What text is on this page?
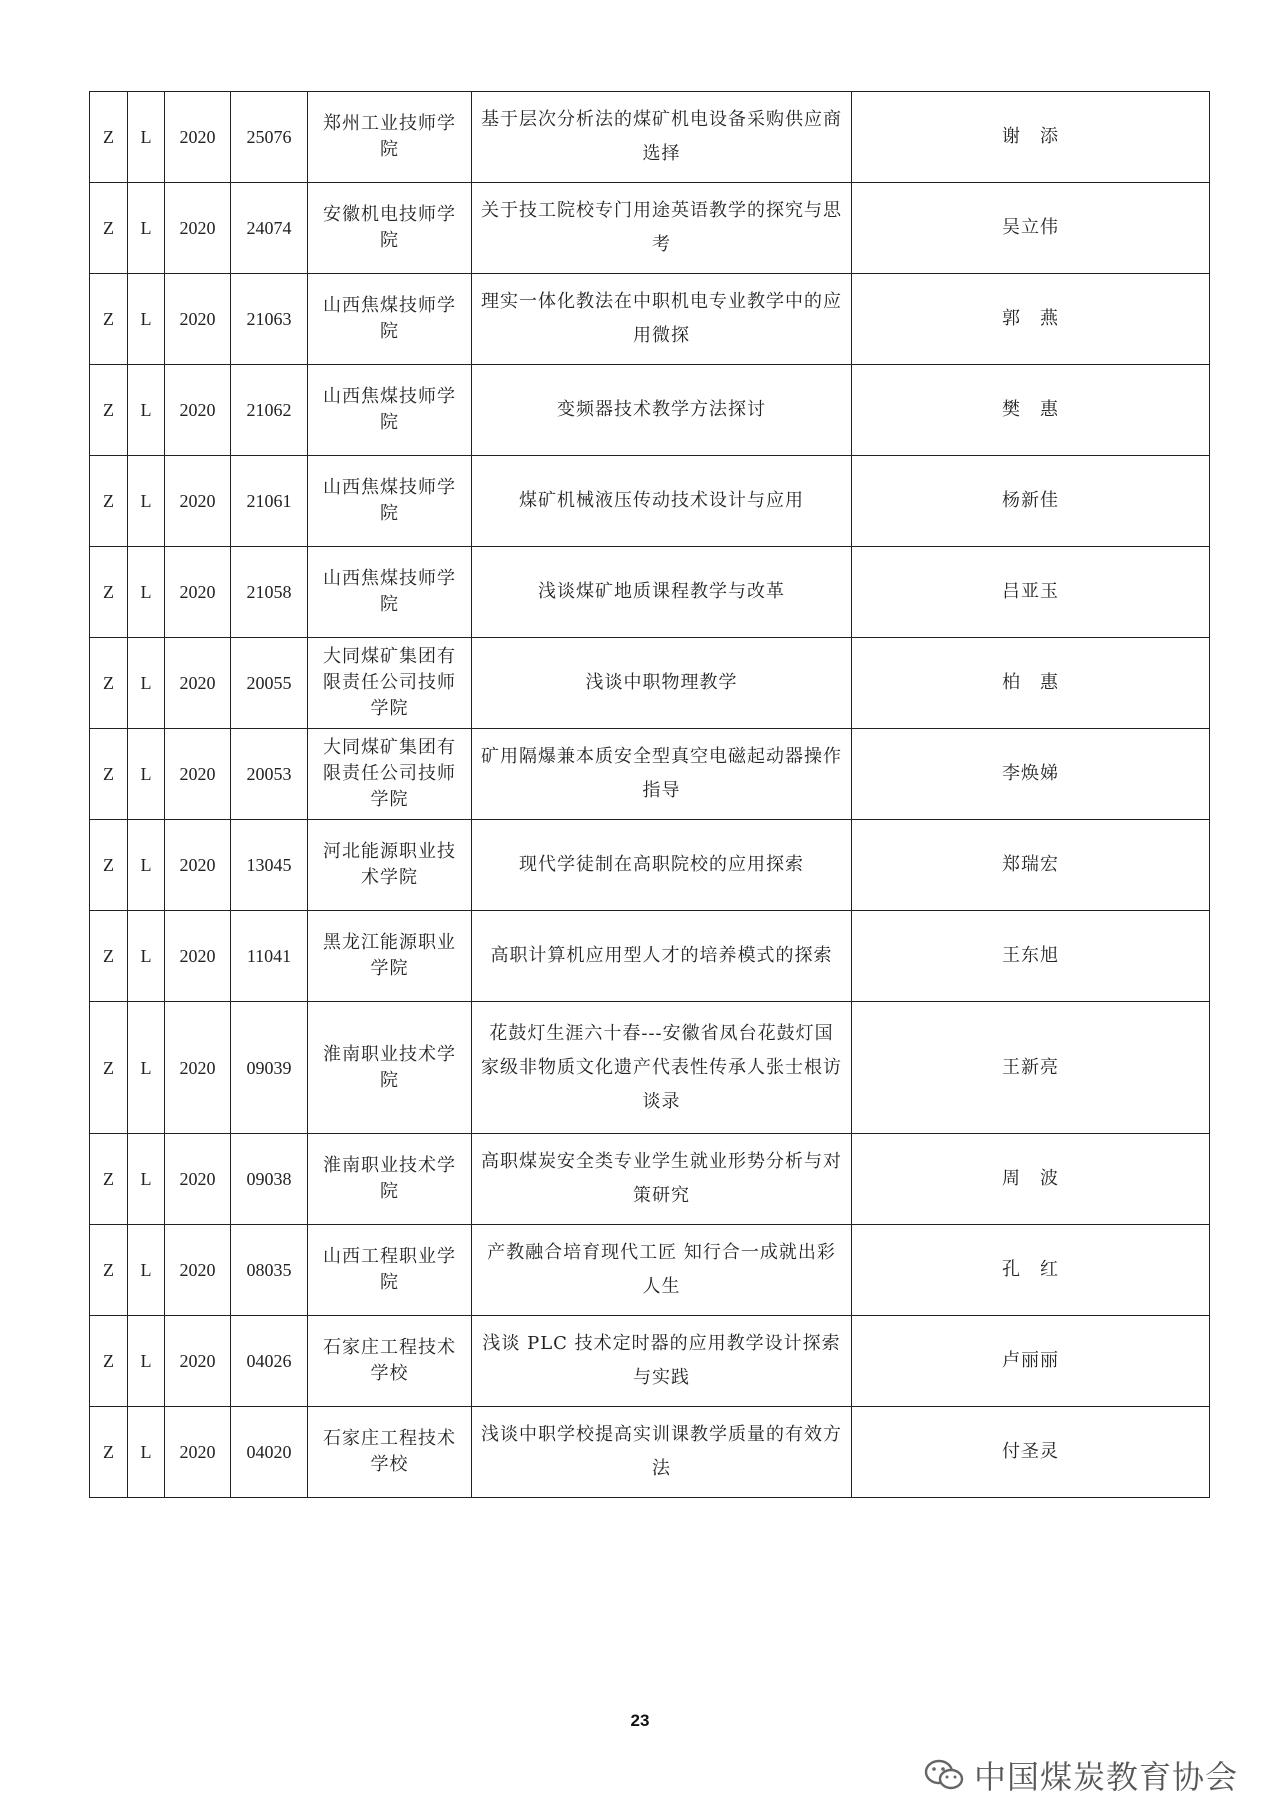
Z	L	2020	25076	郑州工业技师学院	基于层次分析法的煤矿机电设备采购供应商选择	谢　添
Z	L	2020	24074	安徽机电技师学院	关于技工院校专门用途英语教学的探究与思考	吴立伟
Z	L	2020	21063	山西焦煤技师学院	理实一体化教法在中职机电专业教学中的应用微探	郭　燕
Z	L	2020	21062	山西焦煤技师学院	变频器技术教学方法探讨	樊　惠
Z	L	2020	21061	山西焦煤技师学院	煤矿机械液压传动技术设计与应用	杨新佳
Z	L	2020	21058	山西焦煤技师学院	浅谈煤矿地质课程教学与改革	吕亚玉
Z	L	2020	20055	大同煤矿集团有限责任公司技师学院	浅谈中职物理教学	柏　惠
Z	L	2020	20053	大同煤矿集团有限责任公司技师学院	矿用隔爆兼本质安全型真空电磁起动器操作指导	李焕娣
Z	L	2020	13045	河北能源职业技术学院	现代学徒制在高职院校的应用探索	郑瑞宏
Z	L	2020	11041	黑龙江能源职业学院	高职计算机应用型人才的培养模式的探索	王东旭
Z	L	2020	09039	淮南职业技术学院	花鼓灯生涯六十春---安徽省凤台花鼓灯国家级非物质文化遗产代表性传承人张士根访谈录	王新亮
Z	L	2020	09038	淮南职业技术学院	高职煤炭安全类专业学生就业形势分析与对策研究	周　波
Z	L	2020	08035	山西工程职业学院	产教融合培育现代工匠 知行合一成就出彩人生	孔　红
Z	L	2020	04026	石家庄工程技术学校	浅谈 PLC 技术定时器的应用教学设计探索与实践	卢丽丽
Z	L	2020	04020	石家庄工程技术学校	浅谈中职学校提高实训课教学质量的有效方法	付圣灵
23
中国煤炭教育协会
